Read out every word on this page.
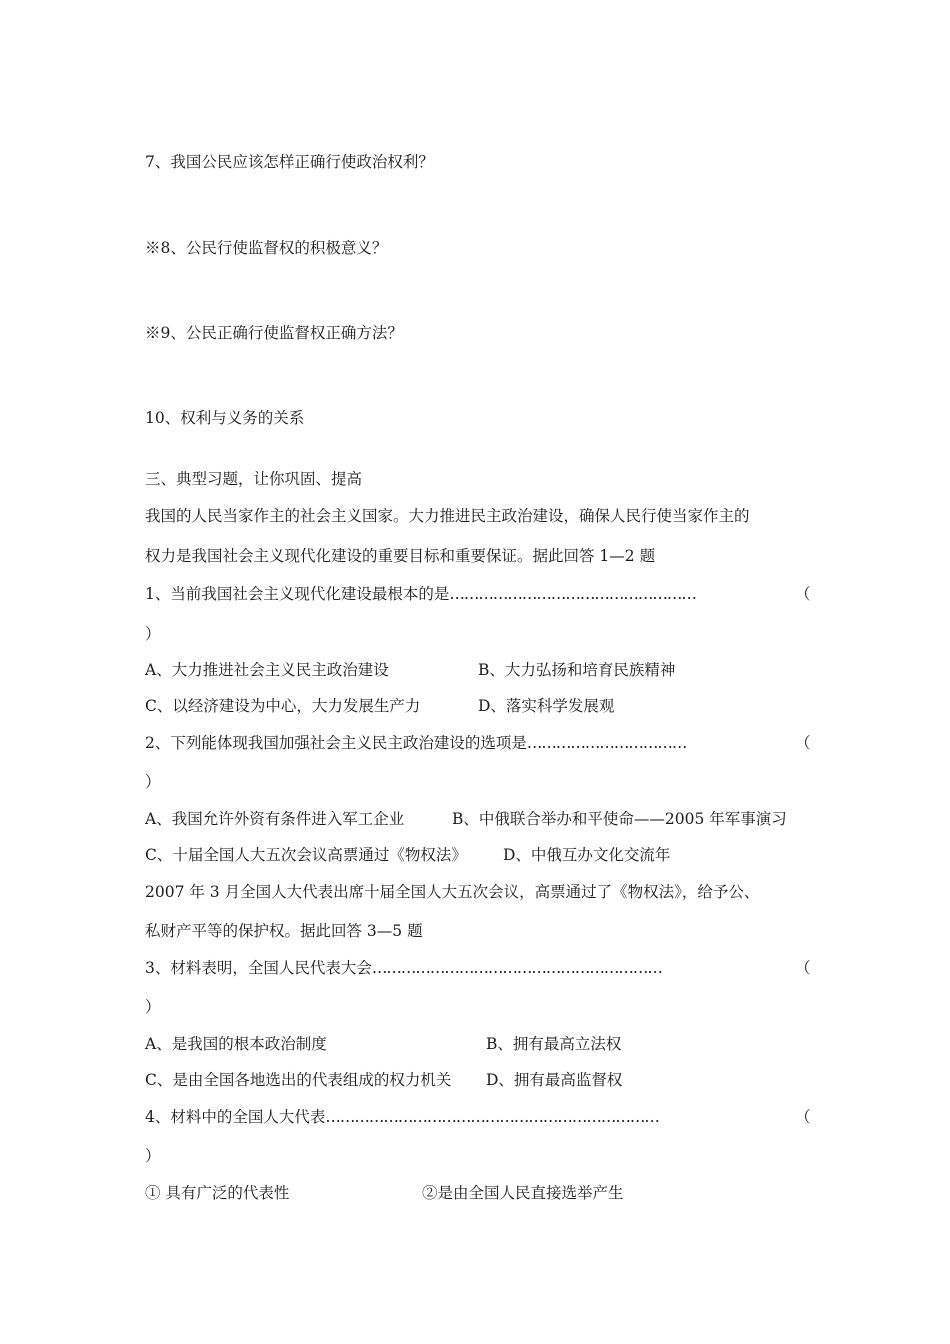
7、我国公民应该怎样正确行使政治权利？
※8、公民行使监督权的积极意义？
※9、公民正确行使监督权正确方法？
10、权利与义务的关系
三、典型习题，让你巩固、提高
我国的人民当家作主的社会主义国家。大力推进民主政治建设，确保人民行使当家作主的
权力是我国社会主义现代化建设的重要目标和重要保证。据此回答 1—2 题
1、当前我国社会主义现代化建设最根本的是……………………………………………	（
）
A、大力推进社会主义民主政治建设	B、大力弘扬和培育民族精神
C、以经济建设为中心，大力发展生产力	D、落实科学发展观
2、下列能体现我国加强社会主义民主政治建设的选项是……………………………	（
）
A、我国允许外资有条件进入军工企业	B、中俄联合举办和平使命——2005 年军事演习
C、十届全国人大五次会议高票通过《物权法》 D、中俄互办文化交流年
2007 年 3 月全国人大代表出席十届全国人大五次会议，高票通过了《物权法》，给予公、
私财产平等的保护权。据此回答 3—5 题
3、材料表明，全国人民代表大会……………………………………………………	（
）
A、是我国的根本政治制度	B、拥有最高立法权
C、是由全国各地选出的代表组成的权力机关 D、拥有最高监督权
4、材料中的全国人大代表……………………………………………………………	（
）
① 具有广泛的代表性	②是由全国人民直接选举产生
